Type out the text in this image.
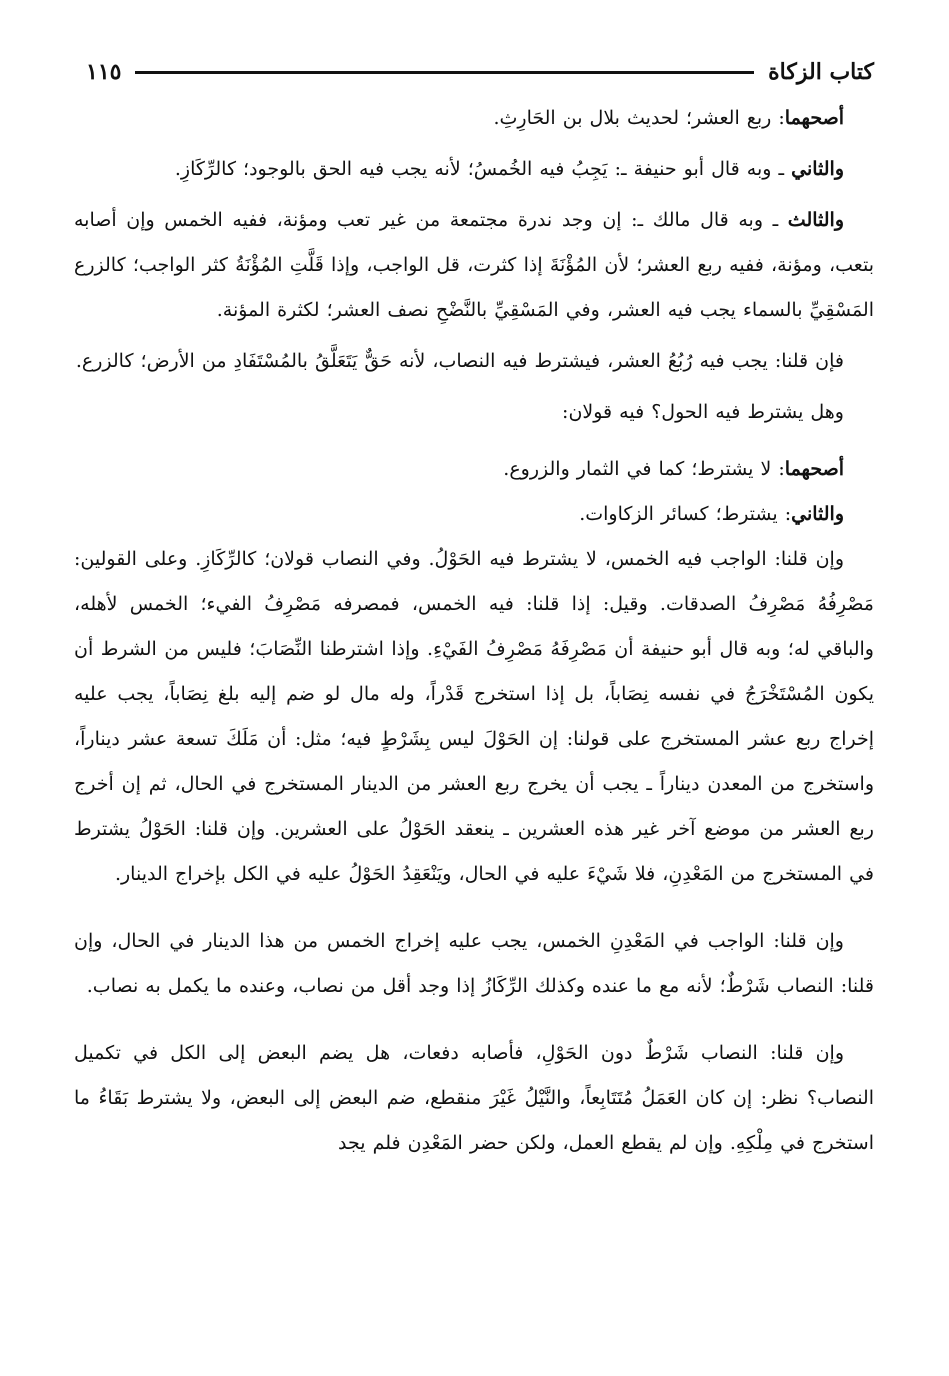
كتاب الزكاة
١١٥

أصحهما: ربع العشر؛ لحديث بلال بن الحَارِثِ.

والثاني ـ وبه قال أبو حنيفة ـ: يَجِبُ فيه الخُمسُ؛ لأنه يجب فيه الحق بالوجود؛ كالرِّكَازِ.

والثالث ـ وبه قال مالك ـ: إن وجد ندرة مجتمعة من غير تعب ومؤنة، ففيه الخمس وإن أصابه بتعب، ومؤنة، ففيه ربع العشر؛ لأن المُؤْنَةَ إذا كثرت، قل الواجب، وإذا قَلَّتِ المُؤْنَةُ كثر الواجب؛ كالزرع المَسْقِيِّ بالسماء يجب فيه العشر، وفي المَسْقِيِّ بالنَّضْحِ نصف العشر؛ لكثرة المؤنة.

فإن قلنا: يجب فيه رُبُعُ العشر، فيشترط فيه النصاب، لأنه حَقٌّ يَتَعَلَّقُ بالمُسْتَفَادِ من الأرض؛ كالزرع.

وهل يشترط فيه الحول؟ فيه قولان:

أصحهما: لا يشترط؛ كما في الثمار والزروع.

والثاني: يشترط؛ كسائر الزكاوات.

وإن قلنا: الواجب فيه الخمس، لا يشترط فيه الحَوْلُ. وفي النصاب قولان؛ كالرِّكَازِ. وعلى القولين: مَصْرِفُهُ مَصْرِفُ الصدقات. وقيل: إذا قلنا: فيه الخمس، فمصرفه مَصْرِفُ الفيء؛ الخمس لأهله، والباقي له؛ وبه قال أبو حنيفة أن مَصْرِفَهُ مَصْرِفُ الفَيْءِ. وإذا اشترطنا النِّصَابَ؛ فليس من الشرط أن يكون المُسْتَخْرَجُ في نفسه نِصَاباً، بل إذا استخرج قَدْراً، وله مال لو ضم إليه بلغ نِصَاباً، يجب عليه إخراج ربع عشر المستخرج على قولنا: إن الحَوْلَ ليس بِشَرْطٍ فيه؛ مثل: أن مَلَكَ تسعة عشر ديناراً، واستخرج من المعدن ديناراً ـ يجب أن يخرج ربع العشر من الدينار المستخرج في الحال، ثم إن أخرج ربع العشر من موضع آخر غير هذه العشرين ـ ينعقد الحَوْلُ على العشرين. وإن قلنا: الحَوْلُ يشترط في المستخرج من المَعْدِنِ، فلا شَيْءَ عليه في الحال، ويَنْعَقِدُ الحَوْلُ عليه في الكل بإخراج الدينار.

وإن قلنا: الواجب في المَعْدِنِ الخمس، يجب عليه إخراج الخمس من هذا الدينار في الحال، وإن قلنا: النصاب شَرْطٌ؛ لأنه مع ما عنده وكذلك الرِّكَازُ إذا وجد أقل من نصاب، وعنده ما يكمل به نصاب.

وإن قلنا: النصاب شَرْطٌ دون الحَوْلِ، فأصابه دفعات، هل يضم البعض إلى الكل في تكميل النصاب؟ نظر: إن كان العَمَلُ مُتَتَابِعاً، والنَّيْلُ غَيْرَ منقطع، ضم البعض إلى البعض، ولا يشترط بَقَاءُ ما استخرج في مِلْكِهِ. وإن لم يقطع العمل، ولكن حضر المَعْدِن فلم يجد
